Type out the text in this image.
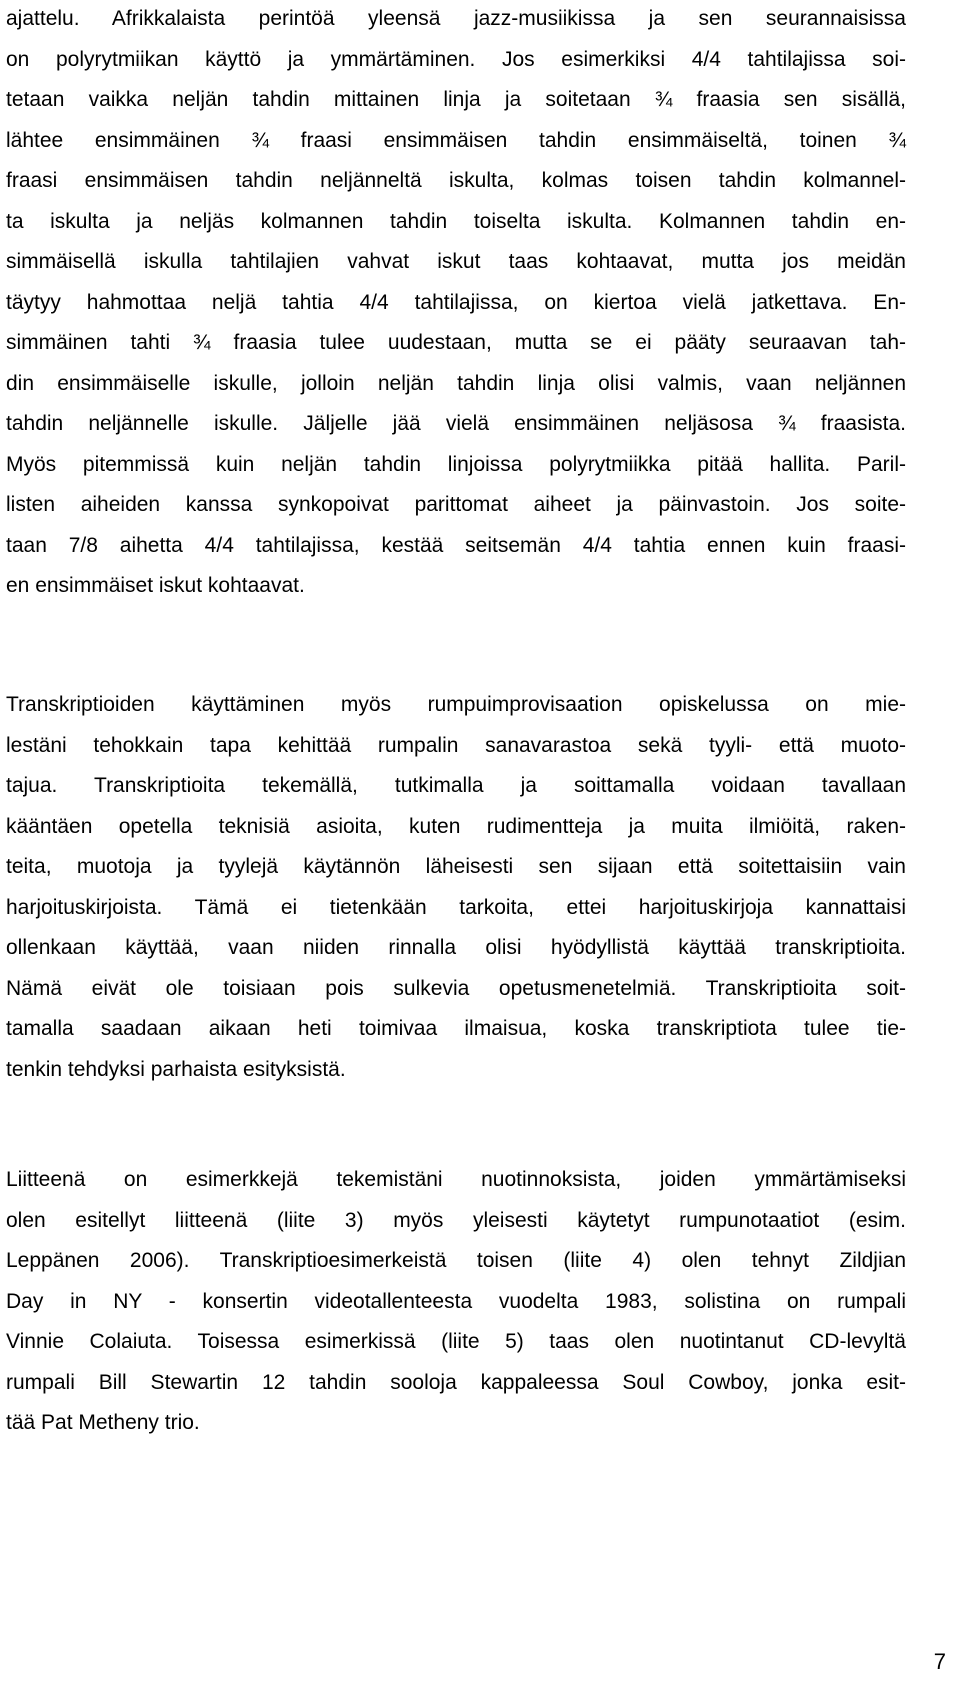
ajattelu. Afrikkalaista perintöä yleensä jazz-musiikissa ja sen seurannaisissa
on polyrytmiikan käyttö ja ymmärtäminen. Jos esimerkiksi 4/4 tahtilajissa soi-
tetaan vaikka neljän tahdin mittainen linja ja soitetaan ¾ fraasia sen sisällä,
lähtee ensimmäinen ¾ fraasi ensimmäisen tahdin ensimmäiseltä, toinen ¾
fraasi ensimmäisen tahdin neljänneltä iskulta, kolmas toisen tahdin kolmannel-
ta iskulta ja neljäs kolmannen tahdin toiselta iskulta. Kolmannen tahdin en-
simmäisellä iskulla tahtilajien vahvat iskut taas kohtaavat, mutta jos meidän
täytyy hahmottaa neljä tahtia 4/4 tahtilajissa, on kiertoa vielä jatkettava. En-
simmäinen tahti ¾ fraasia tulee uudestaan, mutta se ei pääty seuraavan tah-
din ensimmäiselle iskulle, jolloin neljän tahdin linja olisi valmis, vaan neljännen
tahdin neljännelle iskulle. Jäljelle jää vielä ensimmäinen neljäsosa ¾ fraasista.
Myös pitemmissä kuin neljän tahdin linjoissa polyrytmiikka pitää hallita. Paril-
listen aiheiden kanssa synkopoivat parittomat aiheet ja päinvastoin. Jos soite-
taan 7/8 aihetta 4/4 tahtilajissa, kestää seitsemän 4/4 tahtia ennen kuin fraasi-
en ensimmäiset iskut kohtaavat.
Transkriptioiden käyttäminen myös rumpuimprovisaation opiskelussa on mie-
lestäni tehokkain tapa kehittää rumpalin sanavarastoa sekä tyyli- että muoto-
tajua. Transkriptioita tekemällä, tutkimalla ja soittamalla voidaan tavallaan
kääntäen opetella teknisiä asioita, kuten rudimentteja ja muita ilmiöitä, raken-
teita, muotoja ja tyylejä käytännön läheisesti sen sijaan että soitettaisiin vain
harjoituskirjoista. Tämä ei tietenkään tarkoita, ettei harjoituskirjoja kannattaisi
ollenkaan käyttää, vaan niiden rinnalla olisi hyödyllistä käyttää transkriptioita.
Nämä eivät ole toisiaan pois sulkevia opetusmenetelmiä. Transkriptioita soit-
tamalla saadaan aikaan heti toimivaa ilmaisua, koska transkriptiota tulee tie-
tenkin tehdyksi parhaista esityksistä.
Liitteenä on esimerkkejä tekemistäni nuotinnoksista, joiden ymmärtämiseksi
olen esitellyt liitteenä (liite 3) myös yleisesti käytetyt rumpunotaatiot (esim.
Leppänen 2006). Transkriptioesimerkeistä toisen (liite 4) olen tehnyt Zildjian
Day in NY - konsertin videotallenteesta vuodelta 1983, solistina on rumpali
Vinnie Colaiuta. Toisessa esimerkissä (liite 5) taas olen nuotintanut CD-levyltä
rumpali Bill Stewartin 12 tahdin sooloja kappaleessa Soul Cowboy, jonka esit-
tää Pat Metheny trio.
7
